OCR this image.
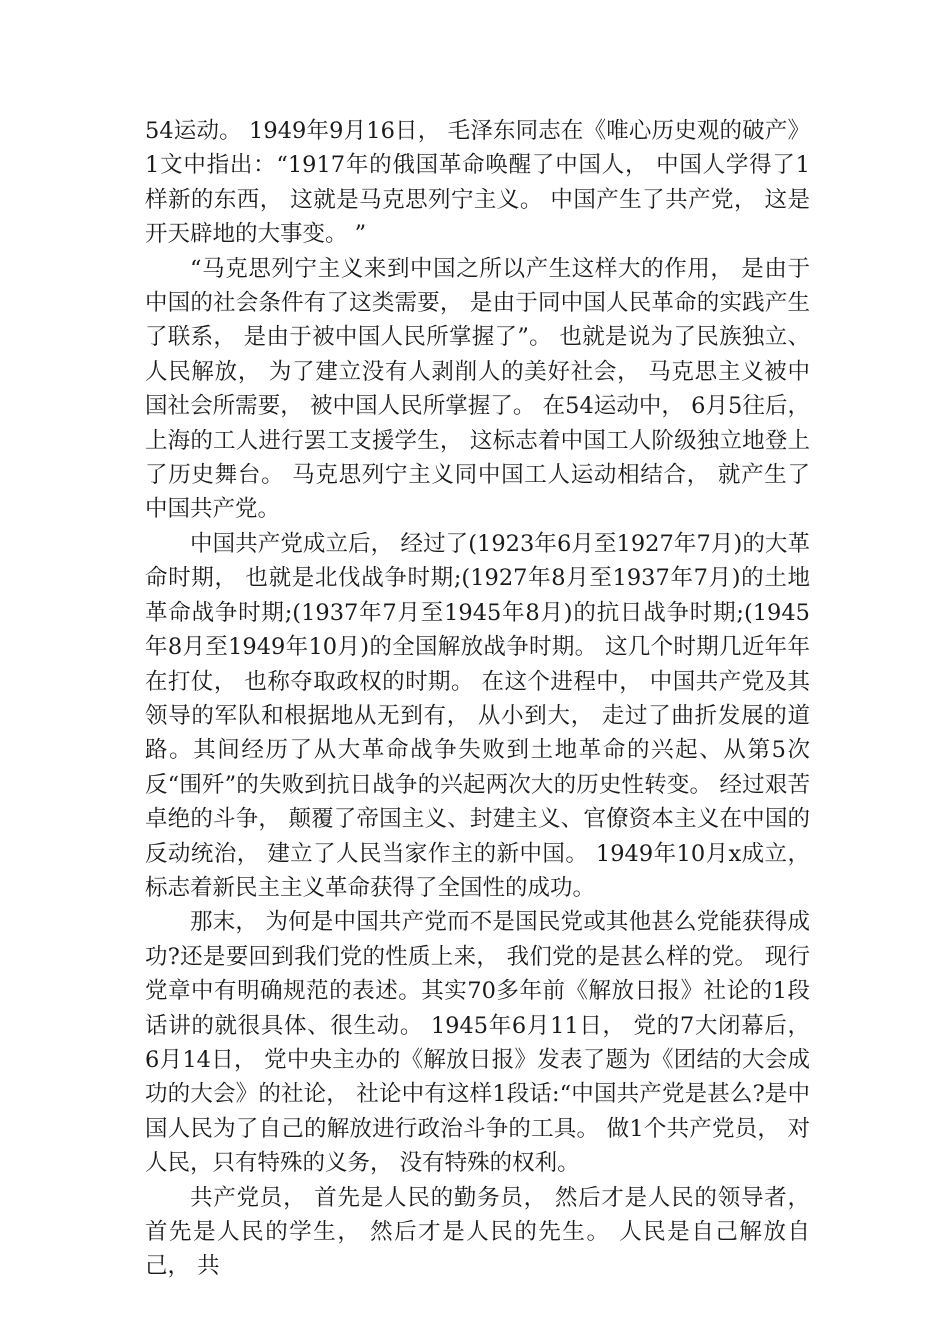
54运动。 1949年9月16日， 毛泽东同志在《唯心历史观的破产》1文中指出：“1917年的俄国革命唤醒了中国人， 中国人学得了1样新的东西， 这就是马克思列宁主义。 中国产生了共产党， 这是开天辟地的大事变。 ”

“马克思列宁主义来到中国之所以产生这样大的作用， 是由于中国的社会条件有了这类需要， 是由于同中国人民革命的实践产生了联系， 是由于被中国人民所掌握了”。 也就是说为了民族独立、人民解放， 为了建立没有人剥削人的美好社会， 马克思主义被中国社会所需要， 被中国人民所掌握了。 在54运动中， 6月5往后， 上海的工人进行罢工支援学生， 这标志着中国工人阶级独立地登上了历史舞台。 马克思列宁主义同中国工人运动相结合， 就产生了中国共产党。

中国共产党成立后， 经过了(1923年6月至1927年7月)的大革命时期， 也就是北伐战争时期;(1927年8月至1937年7月)的土地革命战争时期;(1937年7月至1945年8月)的抗日战争时期;(1945年8月至1949年10月)的全国解放战争时期。 这几个时期几近年年在打仗， 也称夺取政权的时期。 在这个进程中， 中国共产党及其领导的军队和根据地从无到有， 从小到大， 走过了曲折发展的道路。其间经历了从大革命战争失败到土地革命的兴起、从第5次反“围歼”的失败到抗日战争的兴起两次大的历史性转变。 经过艰苦卓绝的斗争， 颠覆了帝国主义、封建主义、官僚资本主义在中国的反动统治， 建立了人民当家作主的新中国。 1949年10月x成立， 标志着新民主主义革命获得了全国性的成功。

那末， 为何是中国共产党而不是国民党或其他甚么党能获得成功?还是要回到我们党的性质上来， 我们党的是甚么样的党。 现行党章中有明确规范的表述。其实70多年前《解放日报》社论的1段话讲的就很具体、很生动。 1945年6月11日， 党的7大闭幕后， 6月14日， 党中央主办的《解放日报》发表了题为《团结的大会成功的大会》的社论， 社论中有这样1段话:“中国共产党是甚么?是中国人民为了自己的解放进行政治斗争的工具。 做1个共产党员， 对人民，只有特殊的义务， 没有特殊的权利。

共产党员， 首先是人民的勤务员， 然后才是人民的领导者， 首先是人民的学生， 然后才是人民的先生。 人民是自己解放自己， 共
